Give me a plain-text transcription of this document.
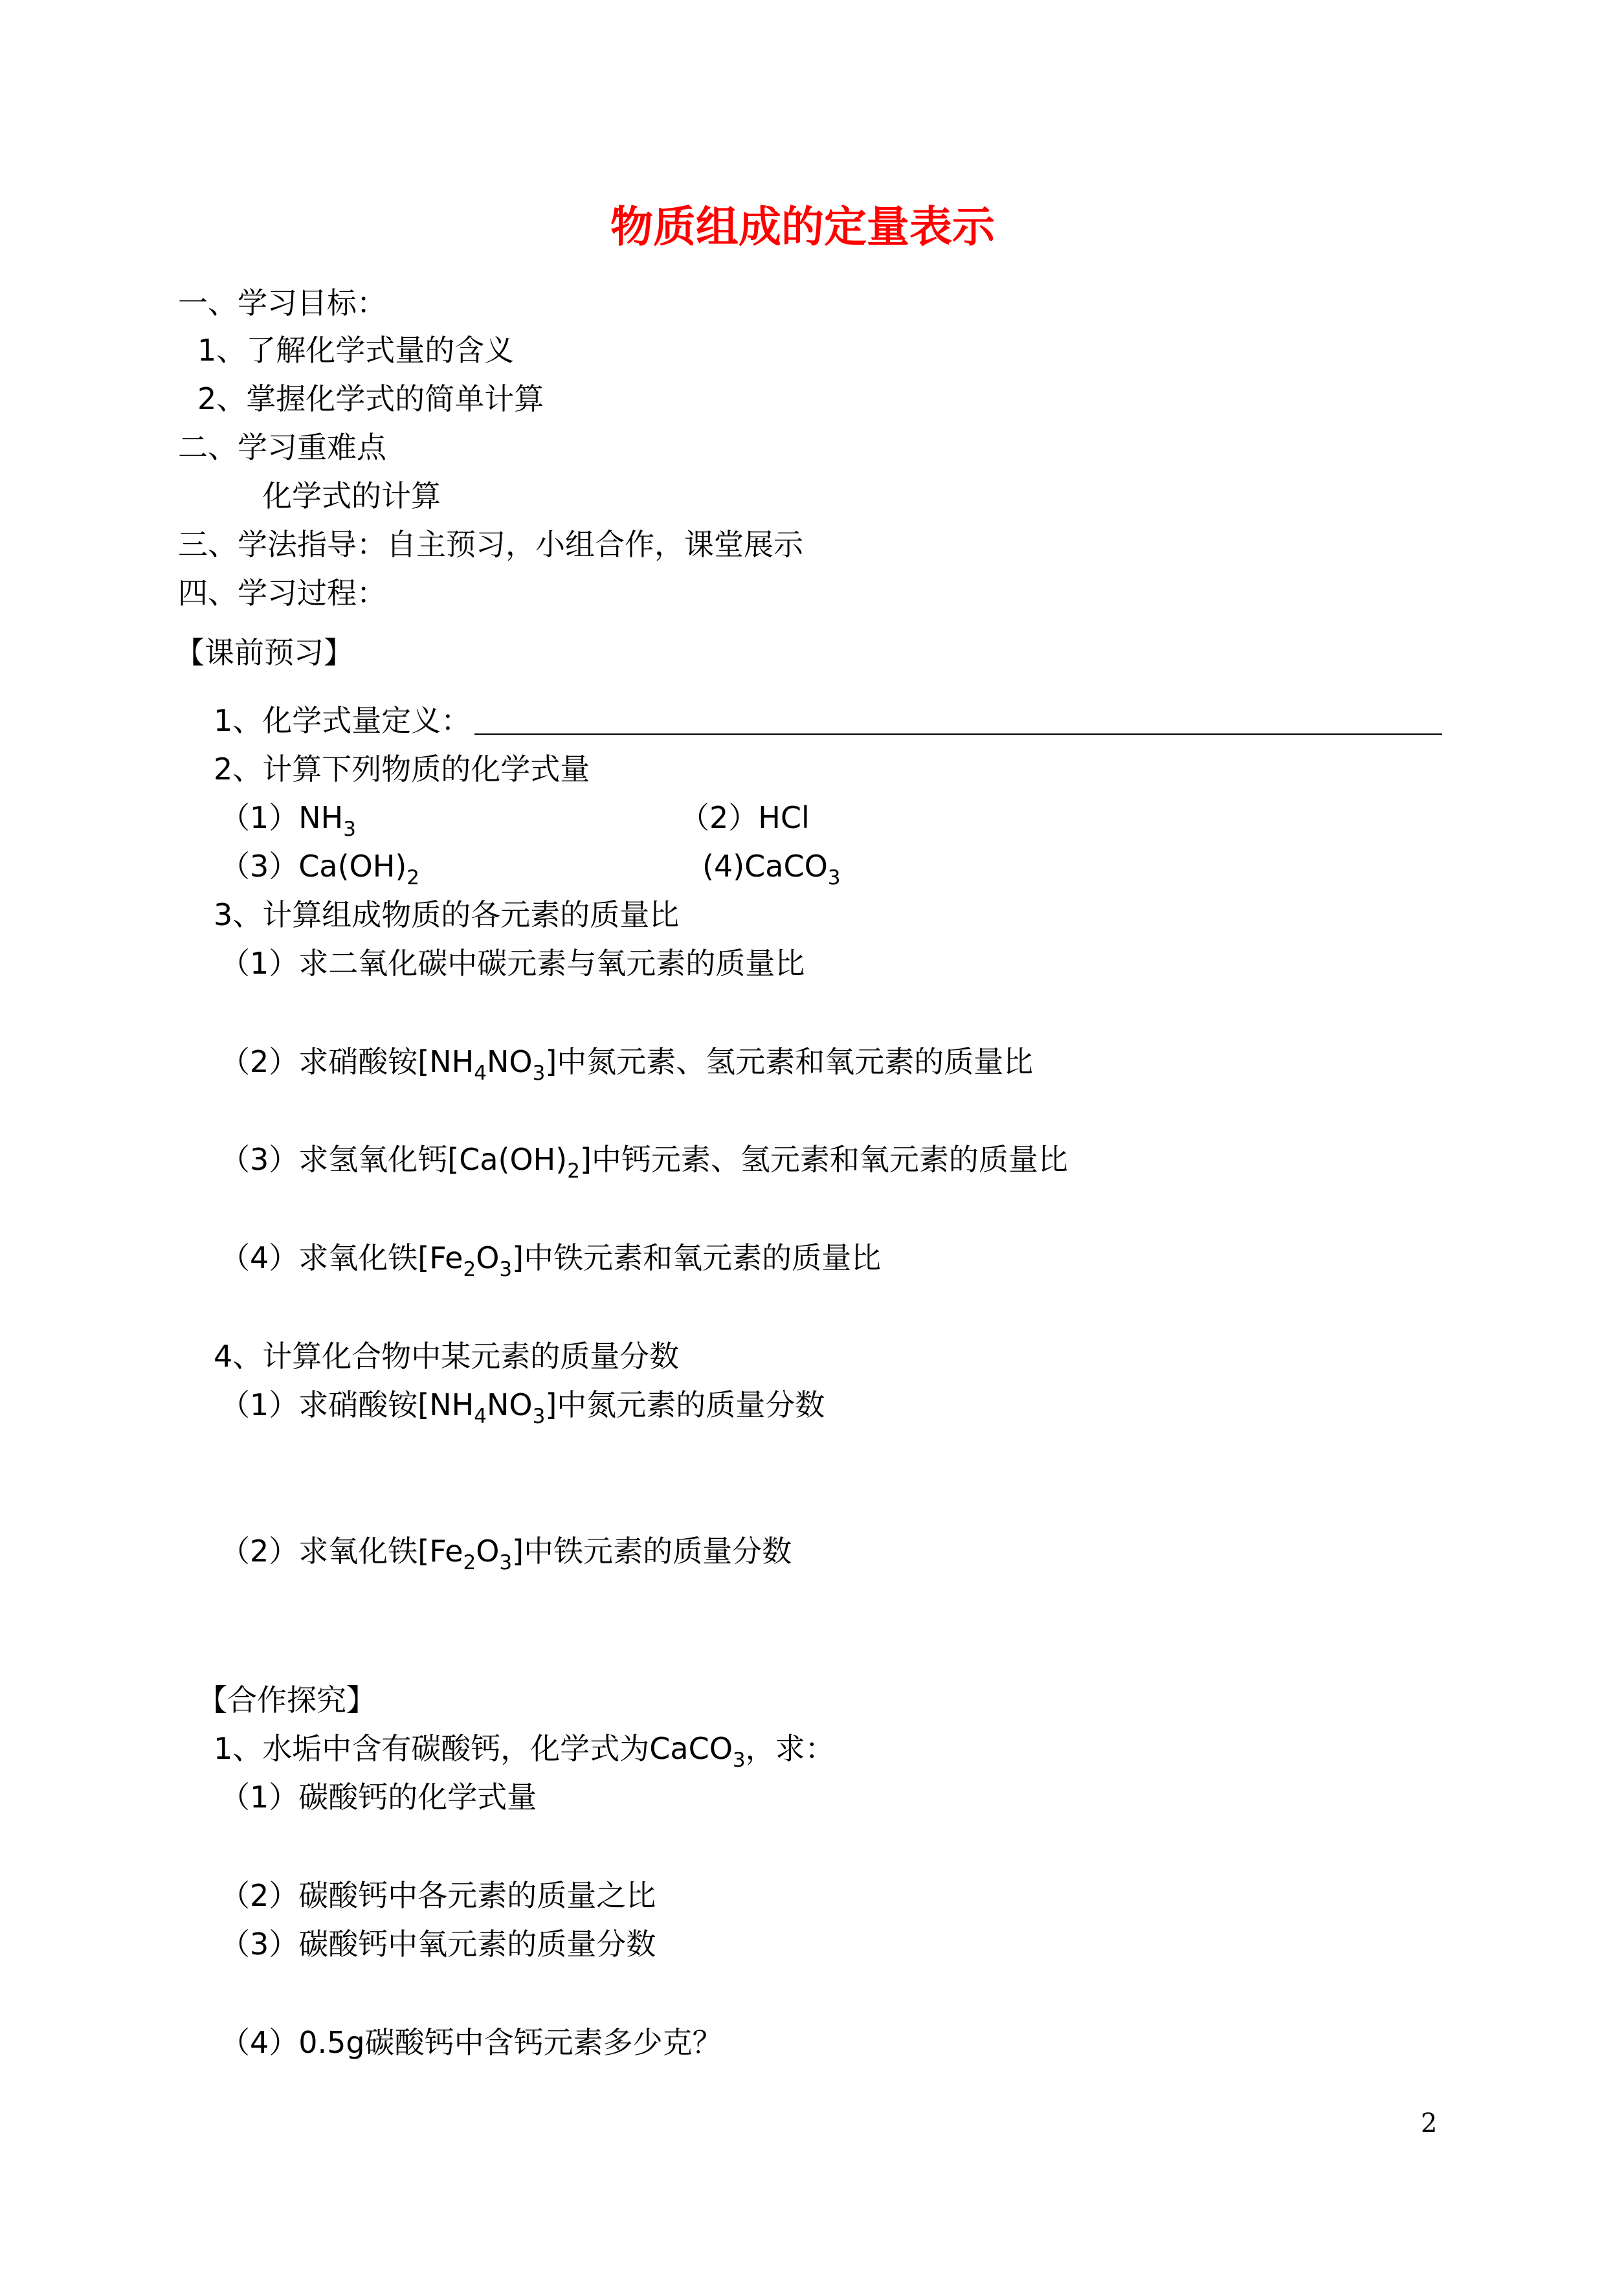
物质组成的定量表示
一、学习目标：
1、了解化学式量的含义
2、掌握化学式的简单计算
二、学习重难点
化学式的计算
三、学法指导：自主预习，小组合作，课堂展示
四、学习过程：
【课前预习】
1、化学式量定义：
2、计算下列物质的化学式量
$(1)NH_3$	（2）HCl
$(3)Ca(OH)_2$	(4)CaCO$_3$
3、计算组成物质的各元素的质量比
（1）求二氧化碳中碳元素与氧元素的质量比
（2）求硝酸铵$[NH_4NO_3]$中氮元素、氢元素和氧元素的质量比
（3）求氢氧化钙$[Ca(OH)_2]$中钙元素、氢元素和氧元素的质量比
（4）求氧化铁$[Fe_2O_3]$中铁元素和氧元素的质量比
4、计算化合物中某元素的质量分数
（1）求硝酸铵$[NH_4NO_3]$中氮元素的质量分数
（2）求氧化铁$[Fe_2O_3]$中铁元素的质量分数
【合作探究】
1、水垢中含有碳酸钙，化学式为CaCO$_3$，求：
（1）碳酸钙的化学式量
（2）碳酸钙中各元素的质量之比
（3）碳酸钙中氧元素的质量分数
（4）0.5g碳酸钙中含钙元素多少克？
2
